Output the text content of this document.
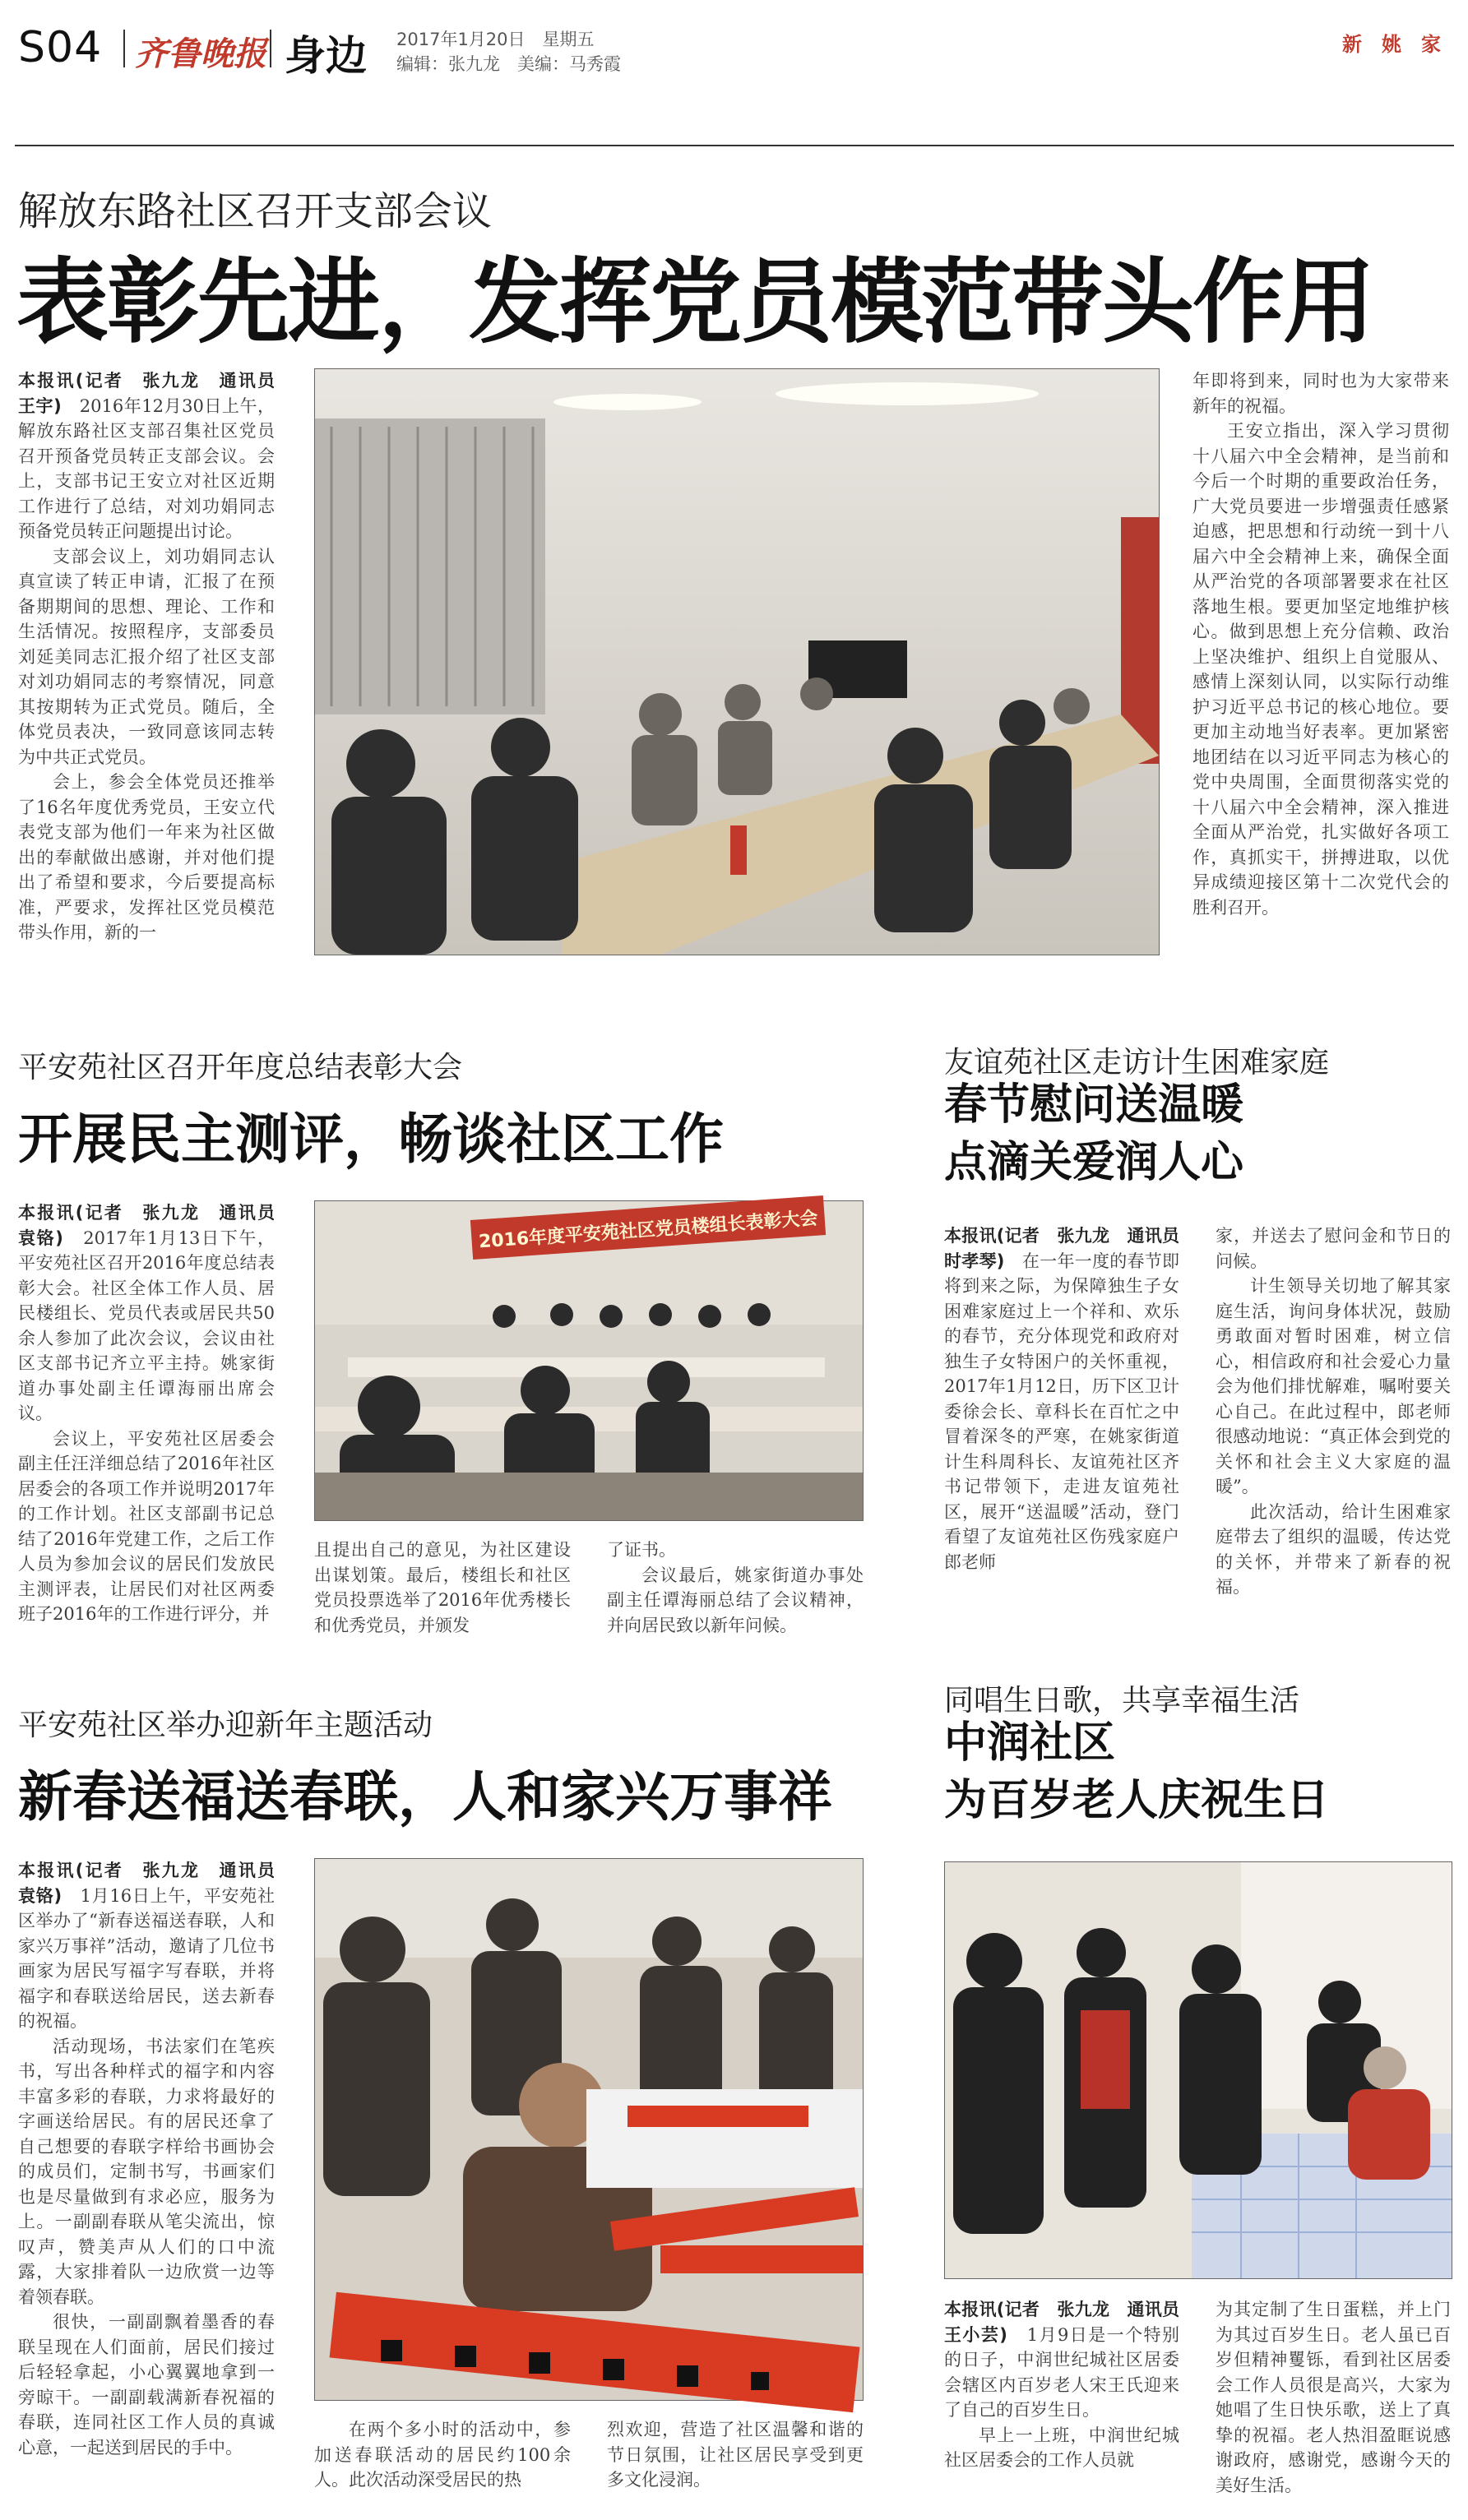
S04 齐鲁晚报 身边 2017年1月20日　星期五
编辑：张九龙　美编：马秀霞
新　姚　家
解放东路社区召开支部会议
表彰先进，发挥党员模范带头作用

本报讯(记者　张九龙　通讯员　王宇)　 2016年12月30日上午，解放东路社区支部召集社区党员召开预备党员转正支部会议。会上，支部书记王安立对社区近期工作进行了总结，对刘功娟同志预备党员转正问题提出讨论。

支部会议上，刘功娟同志认真宣读了转正申请，汇报了在预备期期间的思想、理论、工作和生活情况。按照程序，支部委员刘延美同志汇报介绍了社区支部对刘功娟同志的考察情况，同意其按期转为正式党员。随后，全体党员表决，一致同意该同志转为中共正式党员。

会上，参会全体党员还推举了16名年度优秀党员，王安立代表党支部为他们一年来为社区做出的奉献做出感谢，并对他们提出了希望和要求，今后要提高标准，严要求，发挥社区党员模范带头作用，新的一

年即将到来，同时也为大家带来新年的祝福。

王安立指出，深入学习贯彻十八届六中全会精神，是当前和今后一个时期的重要政治任务，广大党员要进一步增强责任感紧迫感，把思想和行动统一到十八届六中全会精神上来，确保全面从严治党的各项部署要求在社区落地生根。要更加坚定地维护核心。做到思想上充分信赖、政治上坚决维护、组织上自觉服从、感情上深刻认同，以实际行动维护习近平总书记的核心地位。要更加主动地当好表率。更加紧密地团结在以习近平同志为核心的党中央周围，全面贯彻落实党的十八届六中全会精神，深入推进全面从严治党，扎实做好各项工作，真抓实干，拼搏进取，以优异成绩迎接区第十二次党代会的胜利召开。

平安苑社区召开年度总结表彰大会
开展民主测评，畅谈社区工作

本报讯(记者　张九龙　通讯员　袁铬)　 2017年1月13日下午，平安苑社区召开2016年度总结表彰大会。社区全体工作人员、居民楼组长、党员代表或居民共50余人参加了此次会议，会议由社区支部书记齐立平主持。姚家街道办事处副主任谭海丽出席会议。

会议上，平安苑社区居委会副主任汪洋细总结了2016年社区居委会的各项工作并说明2017年的工作计划。社区支部副书记总结了2016年党建工作，之后工作人员为参加会议的居民们发放民主测评表，让居民们对社区两委班子2016年的工作进行评分，并

2016年度平安苑社区党员楼组长表彰大会

且提出自己的意见，为社区建设出谋划策。最后，楼组长和社区党员投票选举了2016年优秀楼长和优秀党员，并颁发

了证书。

会议最后，姚家街道办事处副主任谭海丽总结了会议精神，并向居民致以新年问候。

友谊苑社区走访计生困难家庭
春节慰问送温暖
点滴关爱润人心

本报讯(记者　张九龙　通讯员　时孝琴)　 在一年一度的春节即将到来之际，为保障独生子女困难家庭过上一个祥和、欢乐的春节，充分体现党和政府对独生子女特困户的关怀重视，2017年1月12日，历下区卫计委徐会长、章科长在百忙之中冒着深冬的严寒，在姚家街道计生科周科长、友谊苑社区齐书记带领下，走进友谊苑社区，展开“送温暖”活动，登门看望了友谊苑社区伤残家庭户郎老师

家，并送去了慰问金和节日的问候。

计生领导关切地了解其家庭生活，询问身体状况，鼓励勇敢面对暂时困难，树立信心，相信政府和社会爱心力量会为他们排忧解难，嘱咐要关心自己。在此过程中，郎老师很感动地说：“真正体会到党的关怀和社会主义大家庭的温暖”。

此次活动，给计生困难家庭带去了组织的温暖，传达党的关怀，并带来了新春的祝福。

平安苑社区举办迎新年主题活动
新春送福送春联，人和家兴万事祥

本报讯(记者　张九龙　通讯员　袁铬)　 1月16日上午，平安苑社区举办了“新春送福送春联，人和家兴万事祥”活动，邀请了几位书画家为居民写福字写春联，并将福字和春联送给居民，送去新春的祝福。

活动现场，书法家们在笔疾书，写出各种样式的福字和内容丰富多彩的春联，力求将最好的字画送给居民。有的居民还拿了自己想要的春联字样给书画协会的成员们，定制书写，书画家们也是尽量做到有求必应，服务为上。一副副春联从笔尖流出，惊叹声，赞美声从人们的口中流露，大家排着队一边欣赏一边等着领春联。

很快，一副副飘着墨香的春联呈现在人们面前，居民们接过后轻轻拿起，小心翼翼地拿到一旁晾干。一副副载满新春祝福的春联，连同社区工作人员的真诚心意，一起送到居民的手中。

在两个多小时的活动中，参加送春联活动的居民约100余人。此次活动深受居民的热

烈欢迎，营造了社区温馨和谐的节日氛围，让社区居民享受到更多文化浸润。

同唱生日歌，共享幸福生活
中润社区
为百岁老人庆祝生日

本报讯(记者　张九龙　通讯员　王小芸)　 1月9日是一个特别的日子，中润世纪城社区居委会辖区内百岁老人宋王氏迎来了自己的百岁生日。

早上一上班，中润世纪城社区居委会的工作人员就

为其定制了生日蛋糕，并上门为其过百岁生日。老人虽已百岁但精神矍铄，看到社区居委会工作人员很是高兴，大家为她唱了生日快乐歌，送上了真挚的祝福。老人热泪盈眶说感谢政府，感谢党，感谢今天的美好生活。
